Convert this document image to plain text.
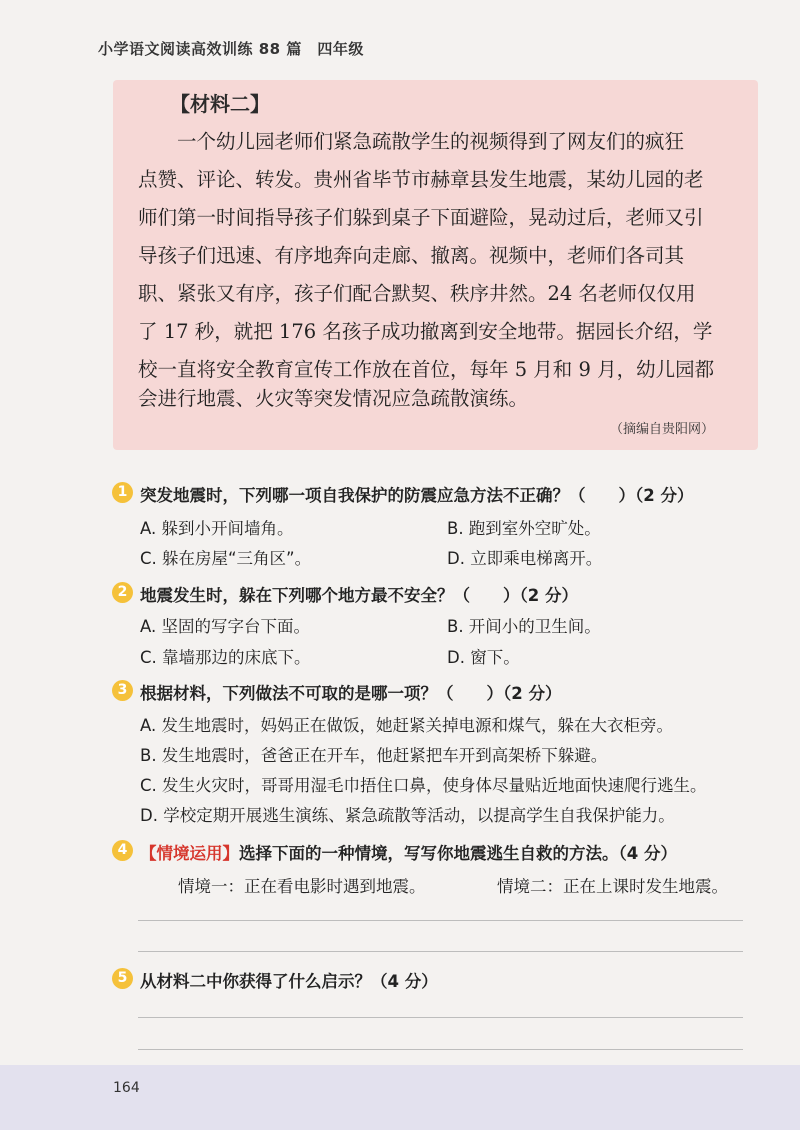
小学语文阅读高效训练 88 篇　四年级
【材料二】
　　一个幼儿园老师们紧急疏散学生的视频得到了网友们的疯狂
点赞、评论、转发。贵州省毕节市赫章县发生地震，某幼儿园的老
师们第一时间指导孩子们躲到桌子下面避险，晃动过后，老师又引
导孩子们迅速、有序地奔向走廊、撤离。视频中，老师们各司其
职、紧张又有序，孩子们配合默契、秩序井然。24 名老师仅仅用
了 17 秒，就把 176 名孩子成功撤离到安全地带。据园长介绍，学
校一直将安全教育宣传工作放在首位，每年 5 月和 9 月，幼儿园都
会进行地震、火灾等突发情况应急疏散演练。
（摘编自贵阳网）
1 突发地震时，下列哪一项自我保护的防震应急方法不正确？（　　）（2 分）
A. 躲到小开间墙角。	B. 跑到室外空旷处。
C. 躲在房屋“三角区”。	D. 立即乘电梯离开。
2 地震发生时，躲在下列哪个地方最不安全？（　　）（2 分）
A. 坚固的写字台下面。	B. 开间小的卫生间。
C. 靠墙那边的床底下。	D. 窗下。
3 根据材料，下列做法不可取的是哪一项？（　　）（2 分）
A. 发生地震时，妈妈正在做饭，她赶紧关掉电源和煤气，躲在大衣柜旁。
B. 发生地震时，爸爸正在开车，他赶紧把车开到高架桥下躲避。
C. 发生火灾时，哥哥用湿毛巾捂住口鼻，使身体尽量贴近地面快速爬行逃生。
D. 学校定期开展逃生演练、紧急疏散等活动，以提高学生自我保护能力。
4 【情境运用】选择下面的一种情境，写写你地震逃生自救的方法。（4 分）
情境一：正在看电影时遇到地震。	情境二：正在上课时发生地震。
5 从材料二中你获得了什么启示？（4 分）
164
